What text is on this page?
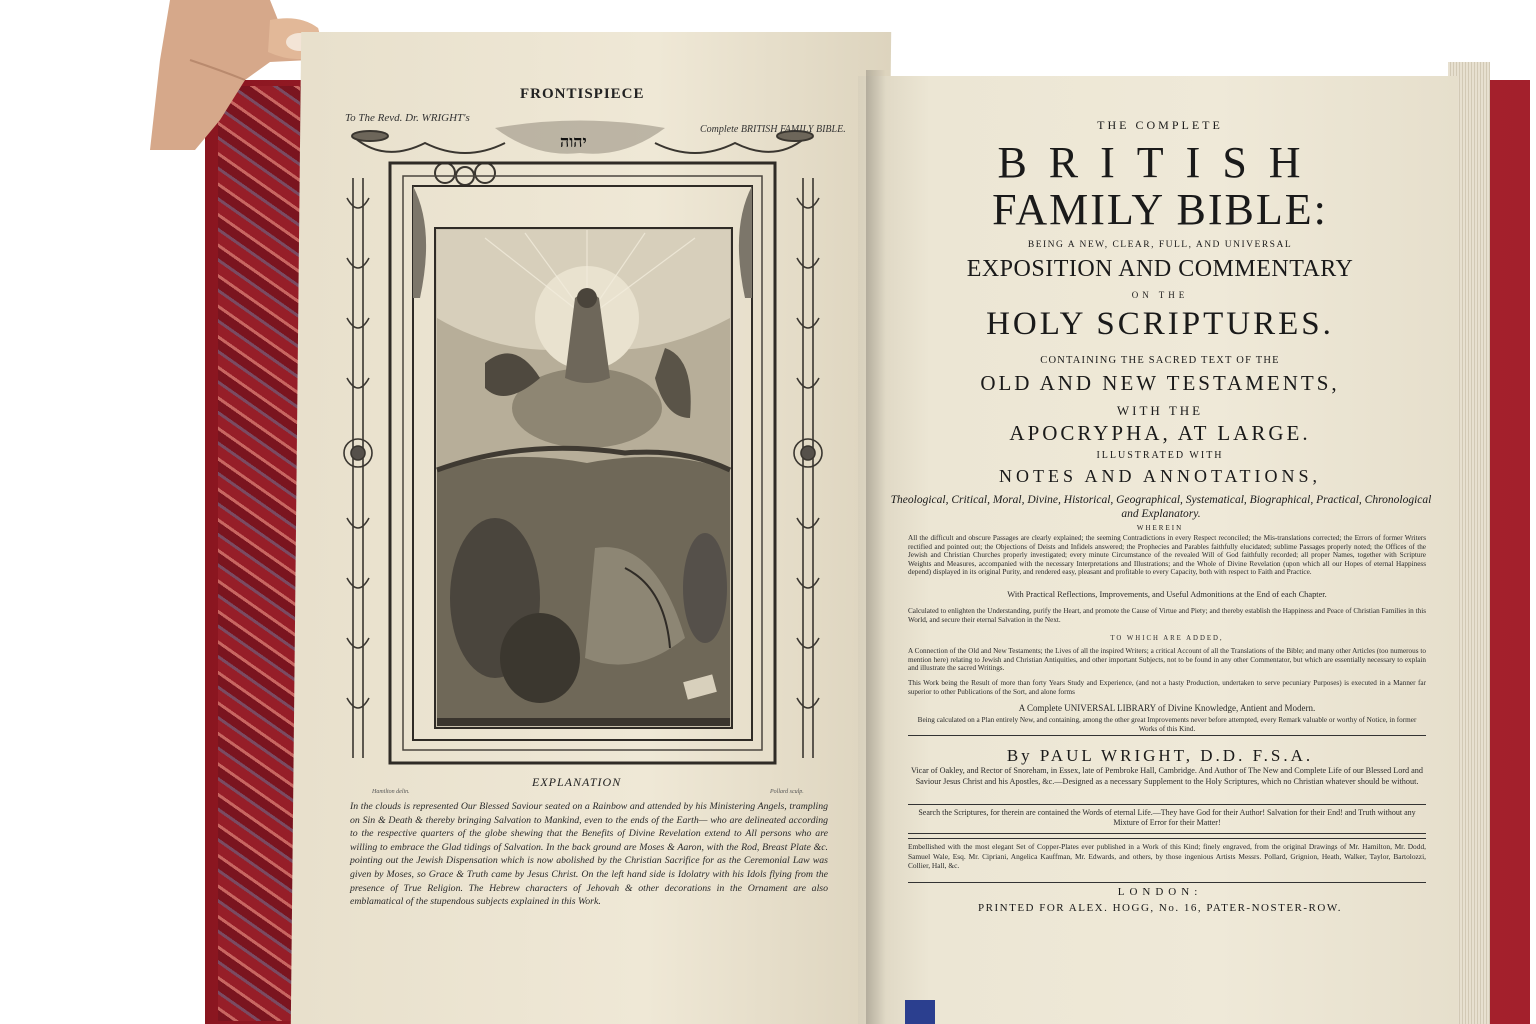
FRONTISPIECE
To The Revd. Dr. WRIGHT's
Complete BRITISH FAMILY BIBLE.
יהוה
EXPLANATION
Hamilton delin.	Pollard sculp.
In the clouds is represented Our Blessed Saviour seated on a Rainbow and attended by his Ministering Angels, trampling on Sin & Death & thereby bringing Salvation to Mankind, even to the ends of the Earth— who are delineated according to the respective quarters of the globe shewing that the Benefits of Divine Revelation extend to All persons who are willing to embrace the Glad tidings of Salvation. In the back ground are Moses & Aaron, with the Rod, Breast Plate &c. pointing out the Jewish Dispensation which is now abolished by the Christian Sacrifice for as the Ceremonial Law was given by Moses, so Grace & Truth came by Jesus Christ. On the left hand side is Idolatry with his Idols flying from the presence of True Religion. The Hebrew characters of Jehovah & other decorations in the Ornament are also emblamatical of the stupendous subjects explained in this Work.
THE COMPLETE
BRITISH
FAMILY BIBLE:
BEING A NEW, CLEAR, FULL, AND UNIVERSAL
EXPOSITION AND COMMENTARY
ON THE
HOLY SCRIPTURES.
CONTAINING THE SACRED TEXT OF THE
OLD AND NEW TESTAMENTS,
WITH THE
APOCRYPHA, AT LARGE.
ILLUSTRATED WITH
NOTES AND ANNOTATIONS,
Theological, Critical, Moral, Divine, Historical, Geographical, Systematical, Biographical, Practical, Chronological and Explanatory.
WHEREIN
All the difficult and obscure Passages are clearly explained; the seeming Contradictions in every Respect reconciled; the Mis-translations corrected; the Errors of former Writers rectified and pointed out; the Objections of Deists and Infidels answered; the Prophecies and Parables faithfully elucidated; sublime Passages properly noted; the Offices of the Jewish and Christian Churches properly investigated; every minute Circumstance of the revealed Will of God faithfully recorded; all proper Names, together with Scripture Weights and Measures, accompanied with the necessary Interpretations and Illustrations; and the Whole of Divine Revelation (upon which all our Hopes of eternal Happiness depend) displayed in its original Purity, and rendered easy, pleasant and profitable to every Capacity, both with respect to Faith and Practice.
With Practical Reflections, Improvements, and Useful Admonitions at the End of each Chapter.
Calculated to enlighten the Understanding, purify the Heart, and promote the Cause of Virtue and Piety; and thereby establish the Happiness and Peace of Christian Families in this World, and secure their eternal Salvation in the Next.
TO WHICH ARE ADDED,
A Connection of the Old and New Testaments; the Lives of all the inspired Writers; a critical Account of all the Translations of the Bible; and many other Articles (too numerous to mention here) relating to Jewish and Christian Antiquities, and other important Subjects, not to be found in any other Commentator, but which are essentially necessary to explain and illustrate the sacred Writings.
This Work being the Result of more than forty Years Study and Experience, (and not a hasty Production, undertaken to serve pecuniary Purposes) is executed in a Manner far superior to other Publications of the Sort, and alone forms
A Complete UNIVERSAL LIBRARY of Divine Knowledge, Antient and Modern.
Being calculated on a Plan entirely New, and containing, among the other great Improvements never before attempted, every Remark valuable or worthy of Notice, in former Works of this Kind.
By PAUL WRIGHT, D.D. F.S.A.
Vicar of Oakley, and Rector of Snoreham, in Essex, late of Pembroke Hall, Cambridge. And Author of The New and Complete Life of our Blessed Lord and Saviour Jesus Christ and his Apostles, &c.—Designed as a necessary Supplement to the Holy Scriptures, which no Christian whatever should be without.
Search the Scriptures, for therein are contained the Words of eternal Life.—They have God for their Author! Salvation for their End! and Truth without any Mixture of Error for their Matter!
Embellished with the most elegant Set of Copper-Plates ever published in a Work of this Kind; finely engraved, from the original Drawings of Mr. Hamilton, Mr. Dodd, Samuel Wale, Esq. Mr. Cipriani, Angelica Kauffman, Mr. Edwards, and others, by those ingenious Artists Messrs. Pollard, Grignion, Heath, Walker, Taylor, Bartolozzi, Collier, Hall, &c.
LONDON:
PRINTED FOR ALEX. HOGG, No. 16, PATER-NOSTER-ROW.
